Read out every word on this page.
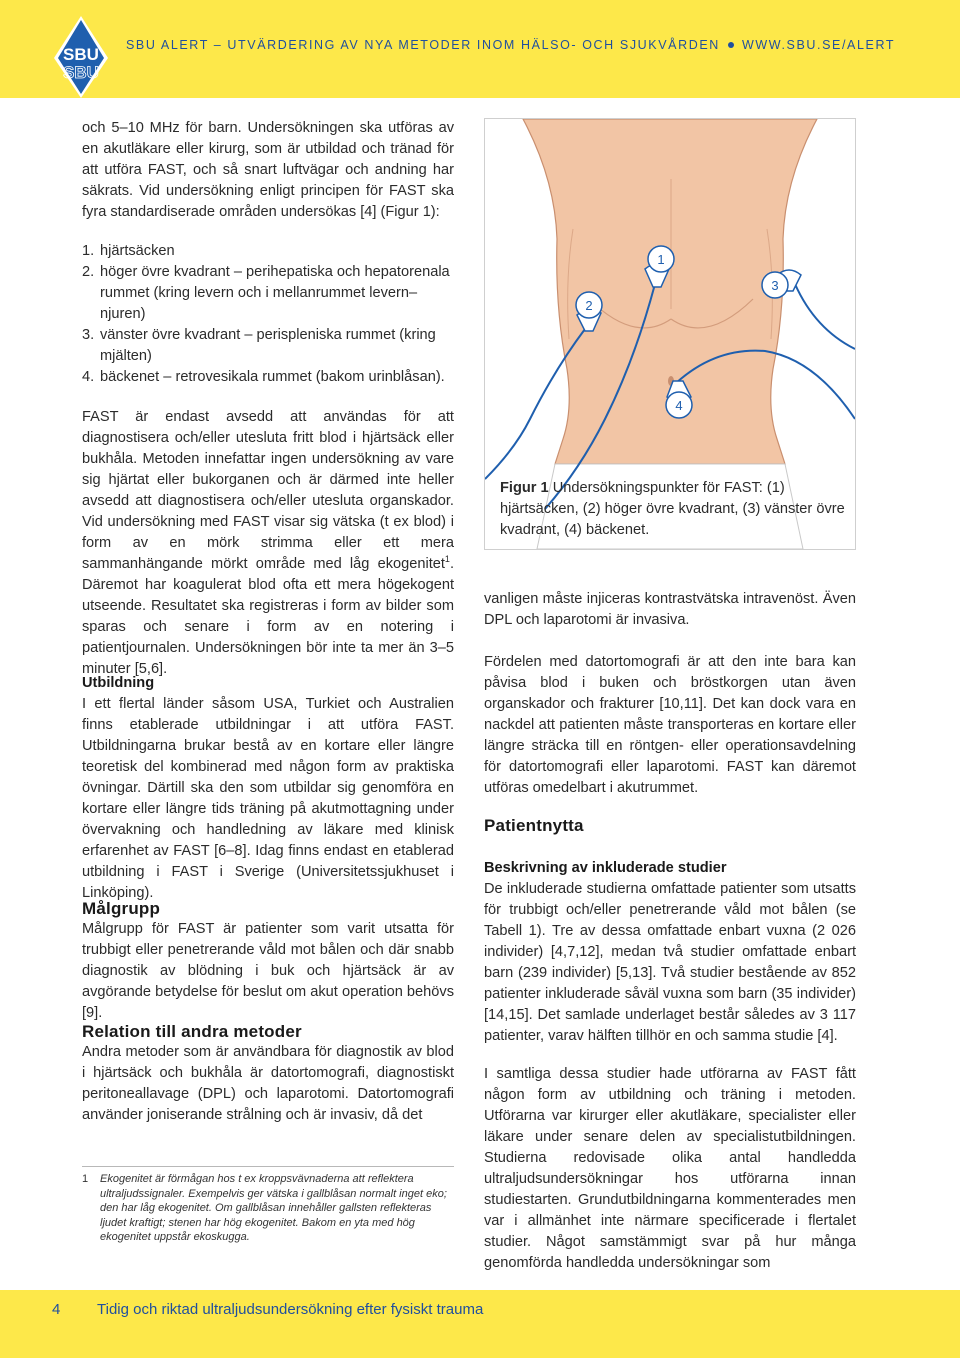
SBU
SBU
SBU ALERT – UTVÄRDERING AV NYA METODER INOM HÄLSO- OCH SJUKVÅRDEN WWW.SBU.SE/ALERT

och 5–10 MHz för barn. Undersökningen ska utföras av en akutläkare eller kirurg, som är utbildad och tränad för att utföra FAST, och så snart luftvägar och andning har säkrats. Vid undersökning enligt principen för FAST ska fyra standardiserade områden undersökas [4] (Figur 1):

1. hjärtsäcken
2. höger övre kvadrant – perihepatiska och hepatorenala rummet (kring levern och i mellanrummet levern–njuren)
3. vänster övre kvadrant – perispleniska rummet (kring mjälten)
4. bäckenet – retrovesikala rummet (bakom urinblåsan).

FAST är endast avsedd att användas för att diagnostisera och/eller utesluta fritt blod i hjärtsäck eller bukhåla. Metoden innefattar ingen undersökning av vare sig hjärtat eller bukorganen och är därmed inte heller avsedd att diagnostisera och/eller utesluta organskador. Vid undersökning med FAST visar sig vätska (t ex blod) i form av en mörk strimma eller ett mera sammanhängande mörkt område med låg ekogenitet$^1$. Däremot har koagulerat blod ofta ett mera högekogent utseende. Resultatet ska registreras i form av bilder som sparas och senare i form av en notering i patientjournalen. Undersökningen bör inte ta mer än 3–5 minuter [5,6].

Utbildning

I ett flertal länder såsom USA, Turkiet och Australien finns etablerade utbildningar i att utföra FAST. Utbildningarna brukar bestå av en kortare eller längre teoretisk del kombinerad med någon form av praktiska övningar. Därtill ska den som utbildar sig genomföra en kortare eller längre tids träning på akutmottagning under övervakning och handledning av läkare med klinisk erfarenhet av FAST [6–8]. Idag finns endast en etablerad utbildning i FAST i Sverige (Universitetssjukhuset i Linköping).

Målgrupp

Målgrupp för FAST är patienter som varit utsatta för trubbigt eller penetrerande våld mot bålen och där snabb diagnostik av blödning i buk och hjärtsäck är av avgörande betydelse för beslut om akut operation behövs [9].

Relation till andra metoder

Andra metoder som är användbara för diagnostik av blod i hjärtsäck och bukhåla är datortomografi, diagnostiskt peritoneallavage (DPL) och laparotomi. Datortomografi använder joniserande strålning och är invasiv, då det

1	Ekogenitet är förmågan hos t ex kroppsvävnaderna att reflektera ultraljudssignaler. Exempelvis ger vätska i gallblåsan normalt inget eko; den har låg ekogenitet. Om gallblåsan innehåller gallsten reflekteras ljudet kraftigt; stenen har hög ekogenitet. Bakom en yta med hög ekogenitet uppstår ekoskugga.
1
2
3
4
Figur 1 Undersökningspunkter för FAST: (1) hjärtsäcken, (2) höger övre kvadrant, (3) vänster övre kvadrant, (4) bäckenet.

vanligen måste injiceras kontrastvätska intravenöst. Även DPL och laparotomi är invasiva.

Fördelen med datortomografi är att den inte bara kan påvisa blod i buken och bröstkorgen utan även organskador och frakturer [10,11]. Det kan dock vara en nackdel att patienten måste transporteras en kortare eller längre sträcka till en röntgen- eller operationsavdelning för datortomografi eller laparotomi. FAST kan däremot utföras omedelbart i akutrummet.

Patientnytta
Beskrivning av inkluderade studier

De inkluderade studierna omfattade patienter som utsatts för trubbigt och/eller penetrerande våld mot bålen (se Tabell 1). Tre av dessa omfattade enbart vuxna (2 026 individer) [4,7,12], medan två studier omfattade enbart barn (239 individer) [5,13]. Två studier bestående av 852 patienter inkluderade såväl vuxna som barn (35 individer) [14,15]. Det samlade underlaget består således av 3 117 patienter, varav hälften tillhör en och samma studie [4].

I samtliga dessa studier hade utförarna av FAST fått någon form av utbildning och träning i metoden. Utförarna var kirurger eller akutläkare, specialister eller läkare under senare delen av specialistutbildningen. Studierna redovisade olika antal handledda ultraljudsundersökningar hos utförarna innan studiestarten. Grundutbildningarna kommenterades men var i allmänhet inte närmare specificerade i flertalet studier. Något samstämmigt svar på hur många genomförda handledda undersökningar som

4 Tidig och riktad ultraljudsundersökning efter fysiskt trauma
